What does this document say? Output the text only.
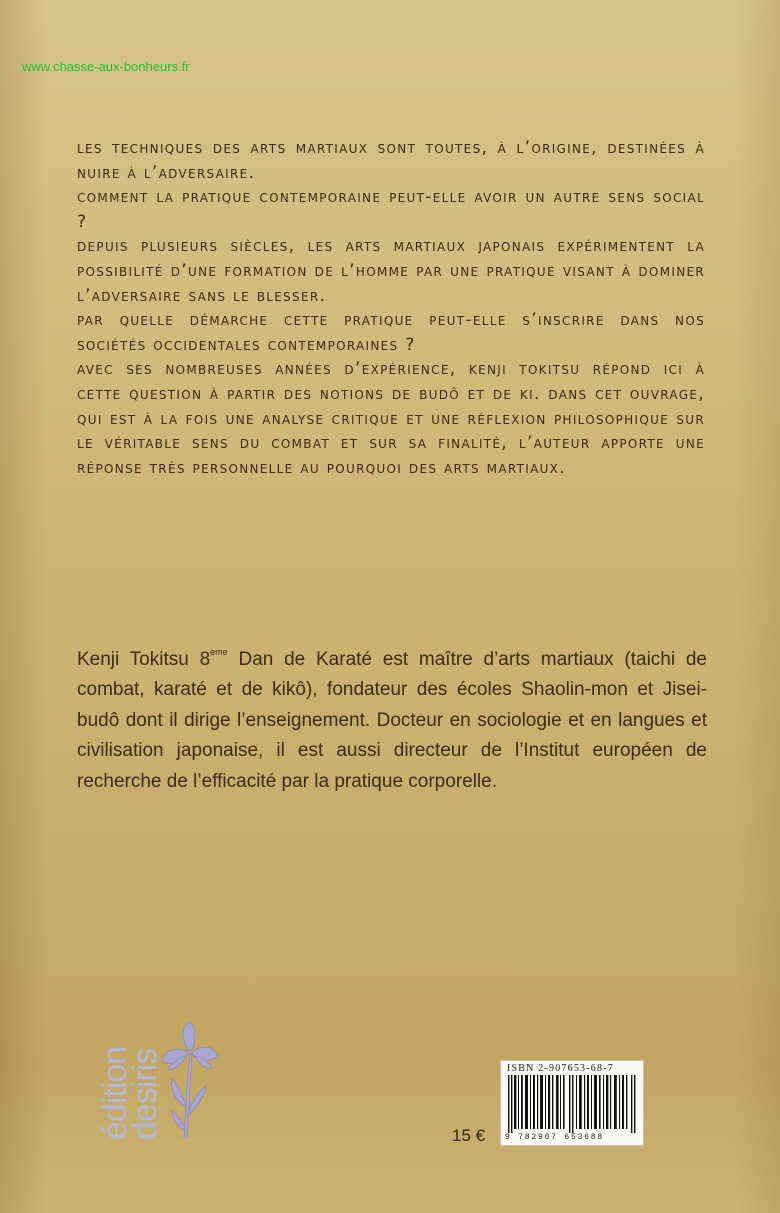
www.chasse-aux-bonheurs.fr

les techniques des arts martiaux sont toutes, à l’origine, destinées à nuire à l’adversaire.

comment la pratique contemporaine peut-elle avoir un autre sens social ?

depuis plusieurs siècles, les arts martiaux japonais expérimentent la possibilité d’une formation de l’homme par une pratique visant à dominer l’adversaire sans le blesser.

par quelle démarche cette pratique peut-elle s’inscrire dans nos sociétés occidentales contemporaines ?

avec ses nombreuses années d’expérience, kenji tokitsu répond ici à cette question à partir des notions de budô et de ki. dans cet ouvrage, qui est à la fois une analyse critique et une réflexion philosophique sur le véritable sens du combat et sur sa finalité, l’auteur apporte une réponse très personnelle au pourquoi des arts martiaux.

Kenji Tokitsu 8eme Dan de Karaté est maître d’arts martiaux (taichi de combat, karaté et de kikô), fondateur des écoles Shaolin-mon et Jisei-budô dont il dirige l’enseignement. Docteur en sociologie et en langues et civilisation japonaise, il est aussi directeur de l’Institut européen de recherche de l’efficacité par la pratique corporelle.
édition
desiris	15 €
ISBN 2-907653-68-7
9 782907 653688
